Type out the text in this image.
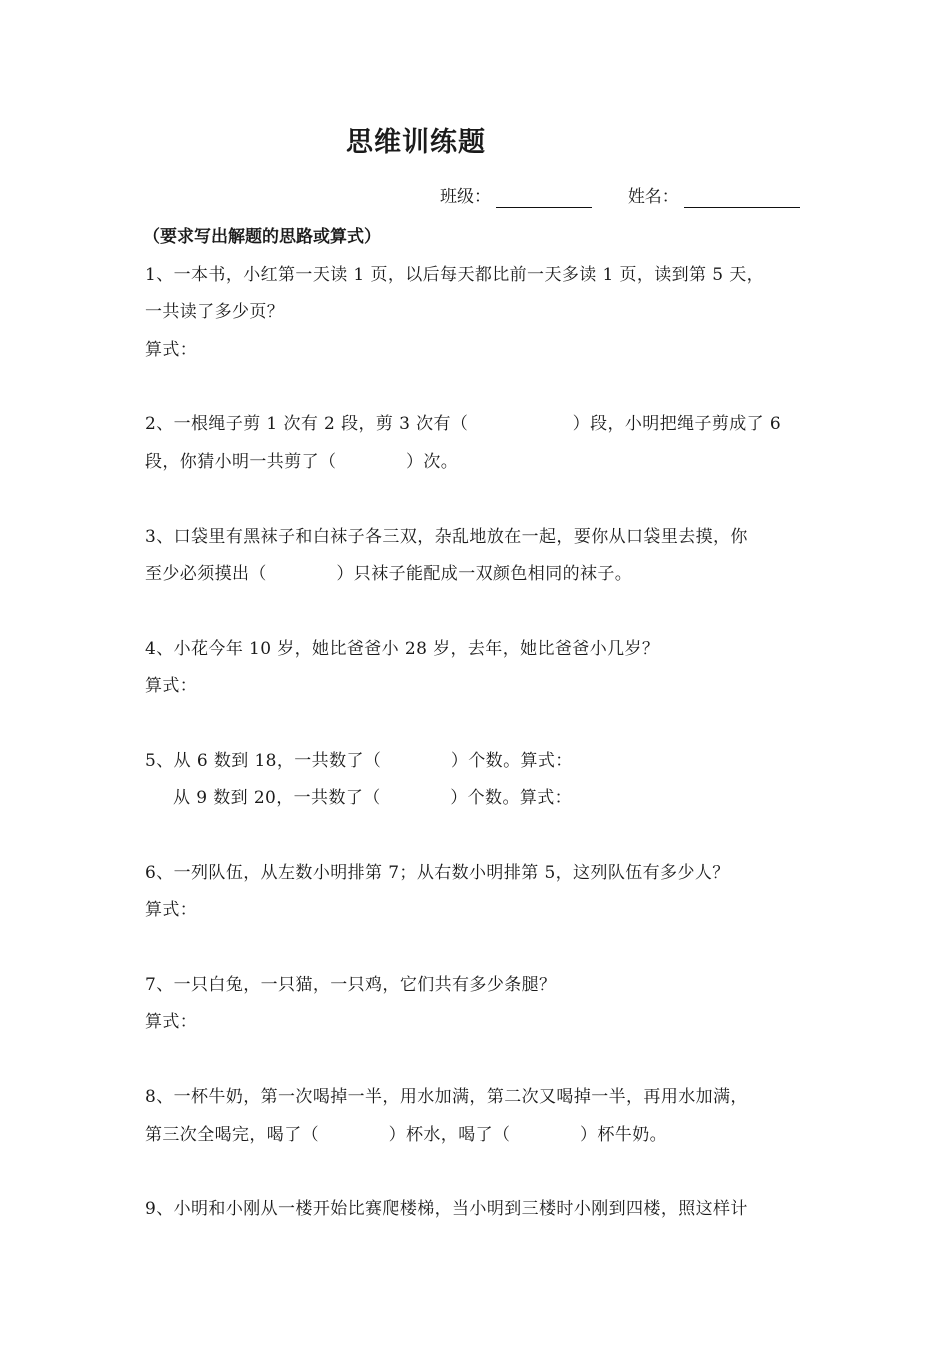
思维训练题
班级：	姓名：
（要求写出解题的思路或算式）
1、一本书，小红第一天读 1 页，以后每天都比前一天多读 1 页，读到第 5 天，
一共读了多少页？
算式：
2、一根绳子剪 1 次有 2 段，剪 3 次有（　　　　　　）段，小明把绳子剪成了 6
段，你猜小明一共剪了（　　　　）次。
3、口袋里有黑袜子和白袜子各三双，杂乱地放在一起，要你从口袋里去摸，你
至少必须摸出（　　　　）只袜子能配成一双颜色相同的袜子。
4、小花今年 10 岁，她比爸爸小 28 岁，去年，她比爸爸小几岁？
算式：
5、从 6 数到 18，一共数了（　　　　）个数。算式：
从 9 数到 20，一共数了（　　　　）个数。算式：
6、一列队伍，从左数小明排第 7；从右数小明排第 5，这列队伍有多少人？
算式：
7、一只白兔，一只猫，一只鸡，它们共有多少条腿？
算式：
8、一杯牛奶，第一次喝掉一半，用水加满，第二次又喝掉一半，再用水加满，
第三次全喝完，喝了（　　　　）杯水，喝了（　　　　）杯牛奶。
9、小明和小刚从一楼开始比赛爬楼梯，当小明到三楼时小刚到四楼，照这样计
